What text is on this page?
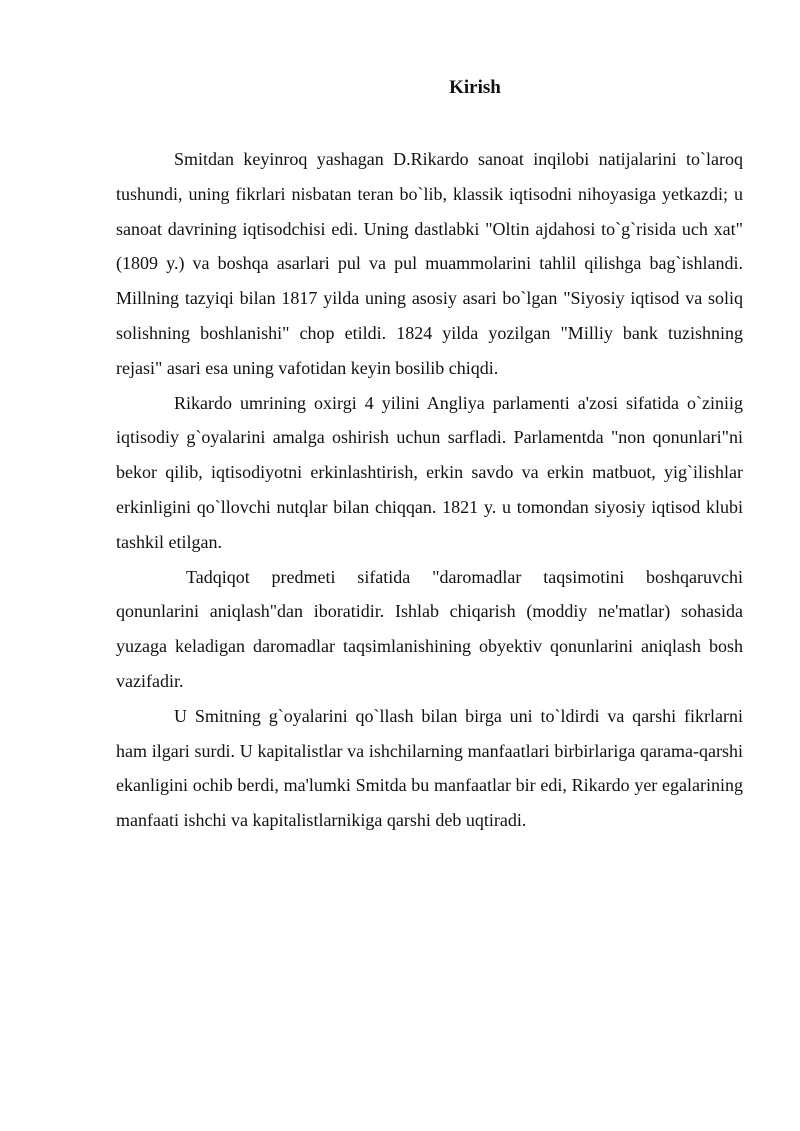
Kirish

Smitdan keyinroq yashagan D.Rikardo sanoat inqilobi natijalarini to`laroq tushundi, uning fikrlari nisbatan teran bo`lib, klassik iqtisodni nihoyasiga yetkazdi; u sanoat davrining iqtisodchisi edi. Uning dastlabki "Oltin ajdahosi to`g`risida uch xat" (1809 y.) va boshqa asarlari pul va pul muammolarini tahlil qilishga bag`ishlandi. Millning tazyiqi bilan 1817 yilda uning asosiy asari bo`lgan "Siyosiy iqtisod va soliq solishning boshlanishi" chop etildi. 1824 yilda yozilgan "Milliy bank tuzishning rejasi" asari esa uning vafotidan keyin bosilib chiqdi.

Rikardo umrining oxirgi 4 yilini Angliya parlamenti a'zosi sifatida o`ziniig iqtisodiy g`oyalarini amalga oshirish uchun sarfladi. Parlamentda "non qonunlari"ni bekor qilib, iqtisodiyotni erkinlashtirish, erkin savdo va erkin matbuot, yig`ilishlar erkinligini qo`llovchi nutqlar bilan chiqqan. 1821 y. u tomondan siyosiy iqtisod klubi tashkil etilgan.

Tadqiqot predmeti sifatida "daromadlar taqsimotini boshqaruvchi qonunlarini aniqlash"dan iboratidir. Ishlab chiqarish (moddiy ne'matlar) sohasida yuzaga keladigan daromadlar taqsimlanishining obyektiv qonunlarini aniqlash bosh vazifadir.

U Smitning g`oyalarini qo`llash bilan birga uni to`ldirdi va qarshi fikrlarni ham ilgari surdi. U kapitalistlar va ishchilarning manfaatlari birbirlariga qarama-qarshi ekanligini ochib berdi, ma'lumki Smitda bu manfaatlar bir edi, Rikardo yer egalarining manfaati ishchi va kapitalistlarnikiga qarshi deb uqtiradi.
